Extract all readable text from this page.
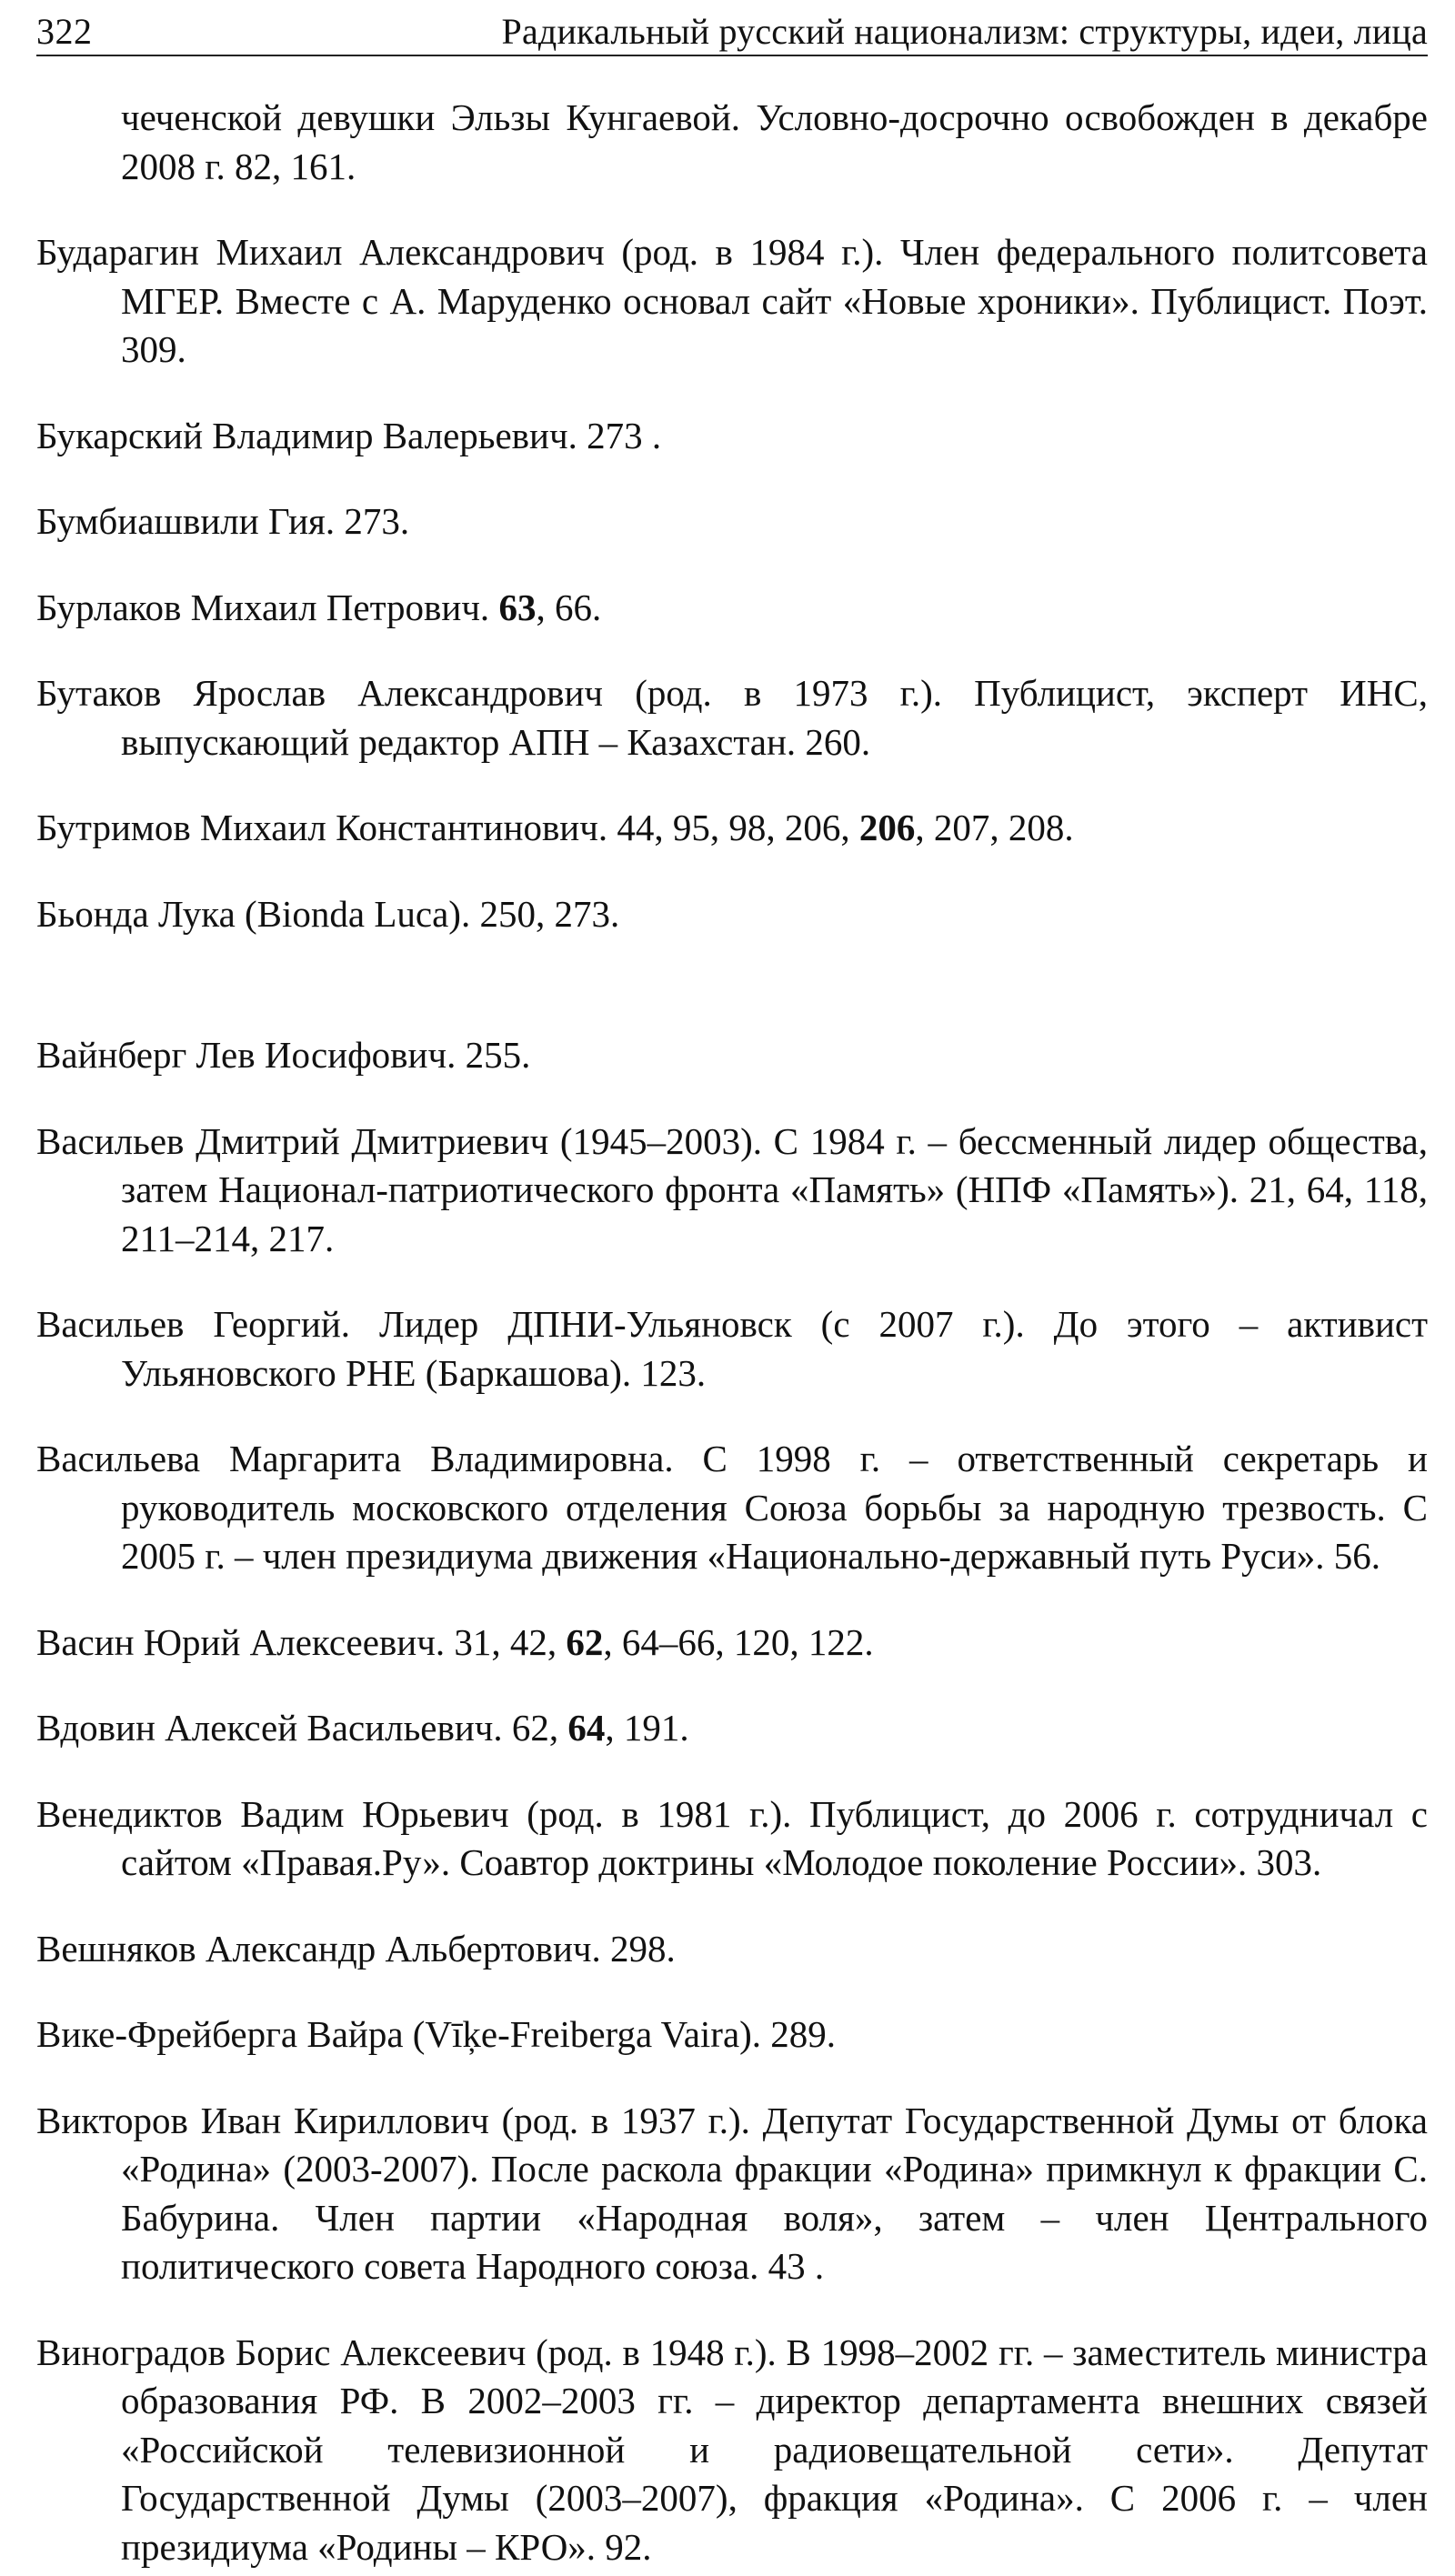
322	Радикальный русский национализм: структуры, идеи, лица

чеченской девушки Эльзы Кунгаевой. Условно-досрочно освобожден в декабре 2008 г. 82, 161.

Бударагин Михаил Александрович (род. в 1984 г.). Член федерального политсовета МГЕР. Вместе с А. Маруденко основал сайт «Новые хроники». Публицист. Поэт. 309.

Букарский Владимир Валерьевич. 273 .

Бумбиашвили Гия. 273.

Бурлаков Михаил Петрович. 63, 66.

Бутаков Ярослав Александрович (род. в 1973 г.). Публицист, эксперт ИНС, выпускающий редактор АПН – Казахстан. 260.

Бутримов Михаил Константинович. 44, 95, 98, 206, 206, 207, 208.

Бьонда Лука (Bionda Luca). 250, 273.

Вайнберг Лев Иосифович. 255.

Васильев Дмитрий Дмитриевич (1945–2003). С 1984 г. – бессменный лидер общества, затем Национал-патриотического фронта «Память» (НПФ «Память»). 21, 64, 118, 211–214, 217.

Васильев Георгий. Лидер ДПНИ-Ульяновск (с 2007 г.). До этого – активист Ульяновского РНЕ (Баркашова). 123.

Васильева Маргарита Владимировна. С 1998 г. – ответственный секретарь и руководитель московского отделения Союза борьбы за народную трезвость. С 2005 г. – член президиума движения «Национально-державный путь Руси». 56.

Васин Юрий Алексеевич. 31, 42, 62, 64–66, 120, 122.

Вдовин Алексей Васильевич. 62, 64, 191.

Венедиктов Вадим Юрьевич (род. в 1981 г.). Публицист, до 2006 г. сотрудничал с сайтом «Правая.Ру». Соавтор доктрины «Молодое поколение России». 303.

Вешняков Александр Альбертович. 298.

Вике-Фрейберга Вайра (Vīķe-Freiberga Vaira). 289.

Викторов Иван Кириллович (род. в 1937 г.). Депутат Государственной Думы от блока «Родина» (2003-2007). После раскола фракции «Родина» примкнул к фракции С. Бабурина. Член партии «Народная воля», затем – член Центрального политического совета Народного союза. 43 .

Виноградов Борис Алексеевич (род. в 1948 г.). В 1998–2002 гг. – заместитель министра образования РФ. В 2002–2003 гг. – директор департамента внешних связей «Российской телевизионной и радиовещательной сети». Депутат Государственной Думы (2003–2007), фракция «Родина». С 2006 г. – член президиума «Родины – КРО». 92.
